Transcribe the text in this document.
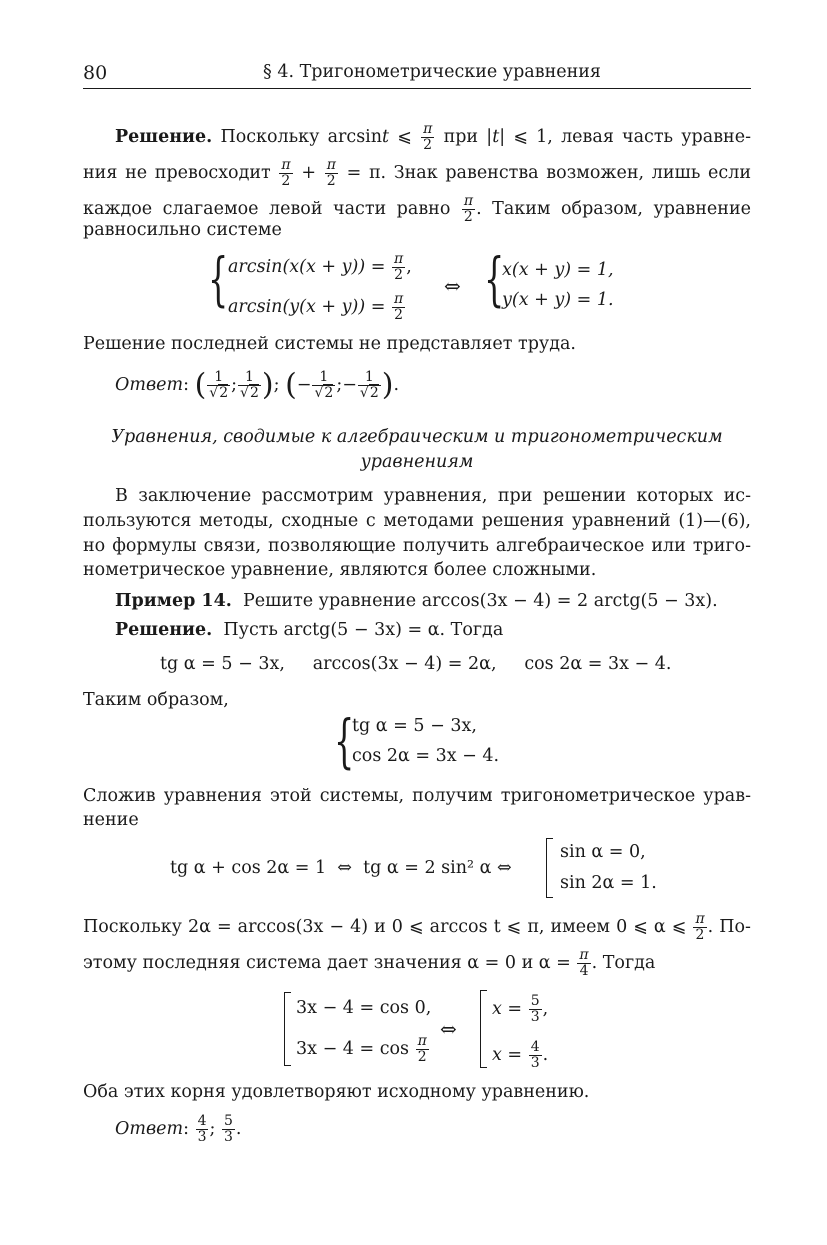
80	§ 4. Тригонометрические уравнения
Решение. Поскольку arcsint ⩽ $\frac{\pi}{2}$ при |t| ⩽ 1, левая часть уравне-
ния не превосходит $\frac{\pi}{2} + \frac{\pi}{2} = \pi$. Знак равенства возможен, лишь если
каждое слагаемое левой части равно $\frac{\pi}{2}$ . Таким образом, уравнение
равносильно системе
{ $\arcsin(x(x + y)) = \frac{\pi}{2}$ ,
$\arcsin(y(x + y)) = \frac{\pi}{2}$
⇔ {
x(x + y) = 1,
y(x + y) = 1.
Решение последней системы не представляет труда.
Ответ: ( $\frac{1}{√2}$ ; $\frac{1}{√2}$ ); (− $\frac{1}{√2}$ ;− $\frac{1}{√2}$ ).
Уравнения, сводимые к алгебраическим и тригонометрическим
уравнениям
В заключение рассмотрим уравнения, при решении которых ис-
пользуются методы, сходные с методами решения уравнений (1)—(6),
но формулы связи, позволяющие получить алгебраическое или триго-
нометрическое уравнение, являются более сложными.
Пример 14. Решите уравнение arccos(3x − 4) = 2 arctg(5 − 3x).
Решение. Пусть arctg(5 − 3x) = α. Тогда
tg α = 5 − 3x,     arccos(3x − 4) = 2α,     cos 2α = 3x − 4.
Таким образом,
{
tg α = 5 − 3x,
cos 2α = 3x − 4.
Сложив уравнения этой системы, получим тригонометрическое урав-
нение
tg α + cos 2α = 1  ⇔  tg α = 2 sin² α ⇔
sin α = 0,
sin 2α = 1.
Поскольку 2α = arccos(3x − 4) и 0 ⩽ arccos t ⩽ π, имеем 0 ⩽ α ⩽ $\frac{\pi}{2}$ . По-
этому последняя система дает значения α = 0 и $\alpha = \frac{\pi}{4}$ . Тогда
3x − 4 = cos 0,
$3x - 4 = \cos \frac{\pi}{2}$
⇔
$x = \frac{5}{3}$ ,
$x = \frac{4}{3}$ .
Оба этих корня удовлетворяют исходному уравнению.
Ответ: $\frac{4}{3}$ ; $\frac{5}{3}$ .
